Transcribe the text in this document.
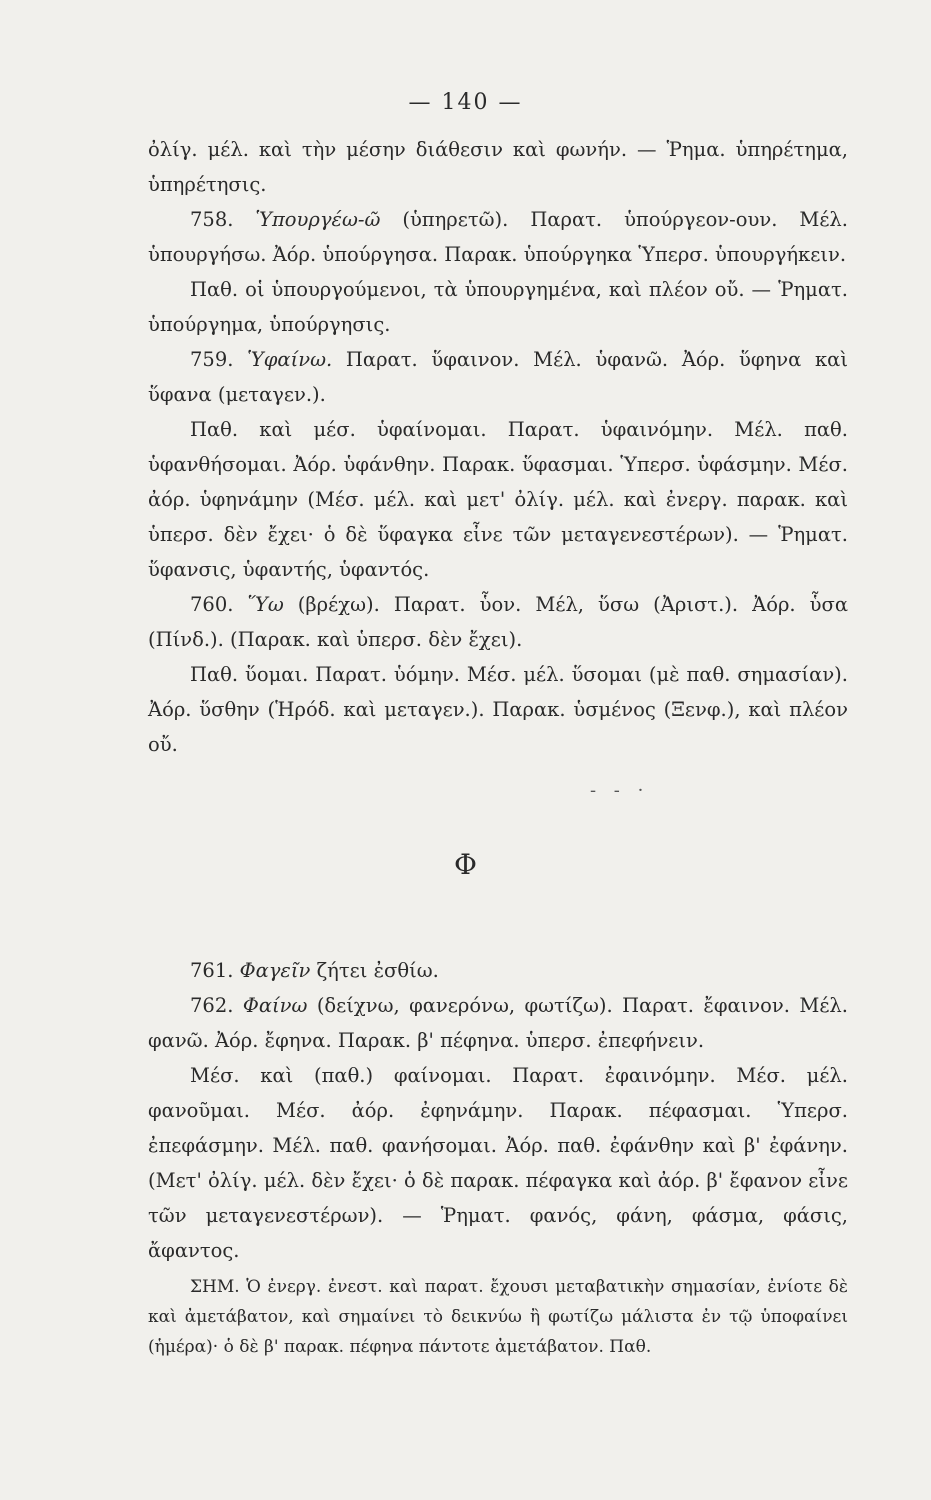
— 140 —

ὀλίγ. μέλ. καὶ τὴν μέσην διάθεσιν καὶ φωνήν. — Ῥημα. ὑπηρέτημα, ὑπηρέτησις.

758. Ὑπουργέω-ῶ (ὑπηρετῶ). Παρατ. ὑπούργεον-ουν. Μέλ. ὑπουργήσω. Ἀόρ. ὑπούργησα. Παρακ. ὑπούργηκα Ὑπερσ. ὑπουργήκειν.

Παθ. οἱ ὑπουργούμενοι, τὰ ὑπουργημένα, καὶ πλέον οὔ. — Ῥηματ. ὑπούργημα, ὑπούργησις.

759. Ὑφαίνω. Παρατ. ὕφαινον. Μέλ. ὑφανῶ. Ἀόρ. ὕφηνα καὶ ὕφανα (μεταγεν.).

Παθ. καὶ μέσ. ὑφαίνομαι. Παρατ. ὑφαινόμην. Μέλ. παθ. ὑφανθήσομαι. Ἀόρ. ὑφάνθην. Παρακ. ὕφασμαι. Ὑπερσ. ὑφάσμην. Μέσ. ἀόρ. ὑφηνάμην (Μέσ. μέλ. καὶ μετ' ὀλίγ. μέλ. καὶ ἐνεργ. παρακ. καὶ ὑπερσ. δὲν ἔχει· ὁ δὲ ὕφαγκα εἶνε τῶν μεταγενεστέρων). — Ῥηματ. ὕφανσις, ὑφαντής, ὑφαντός.

760. Ὕω (βρέχω). Παρατ. ὗον. Μέλ, ὕσω (Ἀριστ.). Ἀόρ. ὗσα (Πίνδ.). (Παρακ. καὶ ὑπερσ. δὲν ἔχει).

Παθ. ὕομαι. Παρατ. ὑόμην. Μέσ. μέλ. ὕσομαι (μὲ παθ. σημασίαν). Ἀόρ. ὕσθην (Ἡρόδ. καὶ μεταγεν.). Παρακ. ὑσμένος (Ξενφ.), καὶ πλέον οὔ.

- - ·
Φ

761. Φαγεῖν ζήτει ἐσθίω.

762. Φαίνω (δείχνω, φανερόνω, φωτίζω). Παρατ. ἔφαινον. Μέλ. φανῶ. Ἀόρ. ἔφηνα. Παρακ. β' πέφηνα. ὑπερσ. ἐπεφήνειν.

Μέσ. καὶ (παθ.) φαίνομαι. Παρατ. ἐφαινόμην. Μέσ. μέλ. φανοῦμαι. Μέσ. ἀόρ. ἐφηνάμην. Παρακ. πέφασμαι. Ὑπερσ. ἐπεφάσμην. Μέλ. παθ. φανήσομαι. Ἀόρ. παθ. ἐφάνθην καὶ β' ἐφάνην. (Μετ' ὀλίγ. μέλ. δὲν ἔχει· ὁ δὲ παρακ. πέφαγκα καὶ ἀόρ. β' ἔφανον εἶνε τῶν μεταγενεστέρων). — Ῥηματ. φανός, φάνη, φάσμα, φάσις, ἄφαντος.

ΣΗΜ. Ὁ ἐνεργ. ἐνεστ. καὶ παρατ. ἔχουσι μεταβατικὴν σημασίαν, ἐνίοτε δὲ καὶ ἀμετάβατον, καὶ σημαίνει τὸ δεικνύω ἢ φωτίζω μάλιστα ἐν τῷ ὑποφαίνει (ἡμέρα)· ὁ δὲ β' παρακ. πέφηνα πάντοτε ἀμετάβατον. Παθ.
